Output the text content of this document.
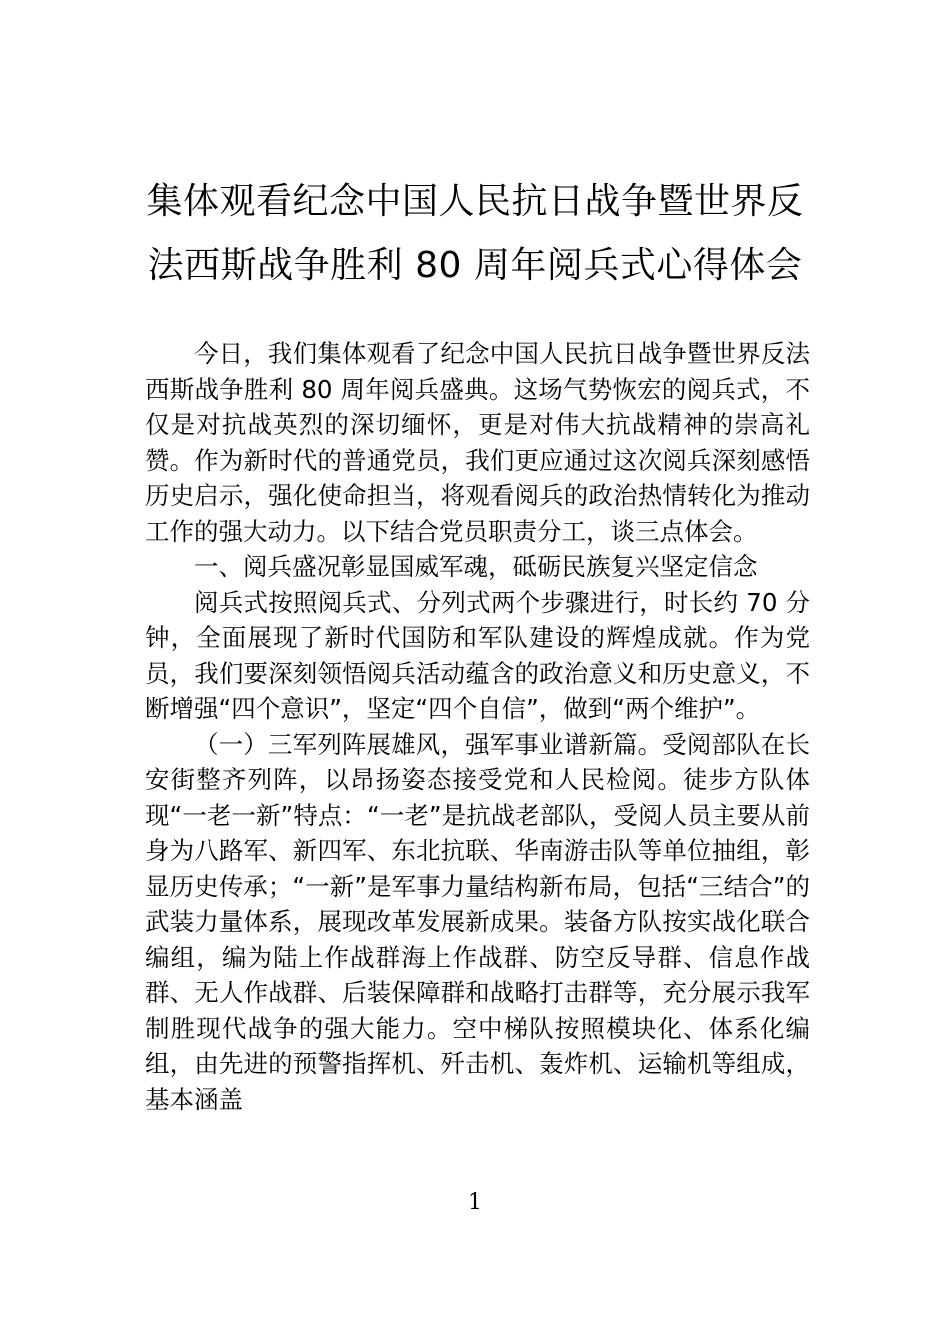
集体观看纪念中国人民抗日战争暨世界反
法西斯战争胜利 80 周年阅兵式心得体会

今日，我们集体观看了纪念中国人民抗日战争暨世界反法西斯战争胜利 80 周年阅兵盛典。这场气势恢宏的阅兵式，不仅是对抗战英烈的深切缅怀，更是对伟大抗战精神的崇高礼赞。作为新时代的普通党员，我们更应通过这次阅兵深刻感悟历史启示，强化使命担当，将观看阅兵的政治热情转化为推动工作的强大动力。以下结合党员职责分工，谈三点体会。

一、阅兵盛况彰显国威军魂，砥砺民族复兴坚定信念

阅兵式按照阅兵式、分列式两个步骤进行，时长约 70 分钟，全面展现了新时代国防和军队建设的辉煌成就。作为党员，我们要深刻领悟阅兵活动蕴含的政治意义和历史意义，不断增强“四个意识”，坚定“四个自信”，做到“两个维护”。

（一）三军列阵展雄风，强军事业谱新篇。受阅部队在长安街整齐列阵，以昂扬姿态接受党和人民检阅。徒步方队体现“一老一新”特点：“一老”是抗战老部队，受阅人员主要从前身为八路军、新四军、东北抗联、华南游击队等单位抽组，彰显历史传承；“一新”是军事力量结构新布局，包括“三结合”的武装力量体系，展现改革发展新成果。装备方队按实战化联合编组，编为陆上作战群海上作战群、防空反导群、信息作战群、无人作战群、后装保障群和战略打击群等，充分展示我军制胜现代战争的强大能力。空中梯队按照模块化、体系化编组，由先进的预警指挥机、歼击机、轰炸机、运输机等组成，基本涵盖

1
